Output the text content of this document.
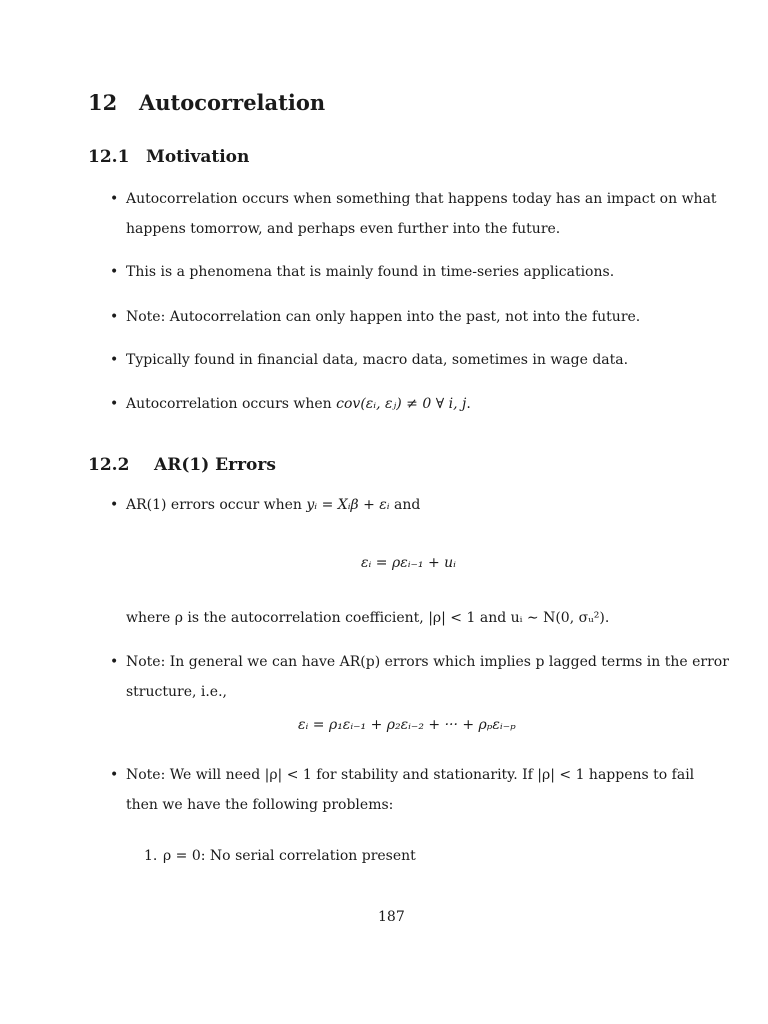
12 Autocorrelation
12.1 Motivation
• Autocorrelation occurs when something that happens today has an impact on what
happens tomorrow, and perhaps even further into the future.
• This is a phenomena that is mainly found in time-series applications.
• Note: Autocorrelation can only happen into the past, not into the future.
• Typically found in financial data, macro data, sometimes in wage data.
• Autocorrelation occurs when cov(εᵢ, εⱼ) ≠ 0 ∀ i, j.
12.2 AR(1) Errors
• AR(1) errors occur when yᵢ = Xᵢβ + εᵢ and
εᵢ = ρεᵢ₋₁ + uᵢ
where ρ is the autocorrelation coefficient, |ρ| < 1 and uᵢ ∼ N(0, σᵤ²).
• Note: In general we can have AR(p) errors which implies p lagged terms in the error
structure, i.e.,
εᵢ = ρ₁εᵢ₋₁ + ρ₂εᵢ₋₂ + ··· + ρₚεᵢ₋ₚ
• Note: We will need |ρ| < 1 for stability and stationarity. If |ρ| < 1 happens to fail
then we have the following problems:
1. ρ = 0: No serial correlation present
187
